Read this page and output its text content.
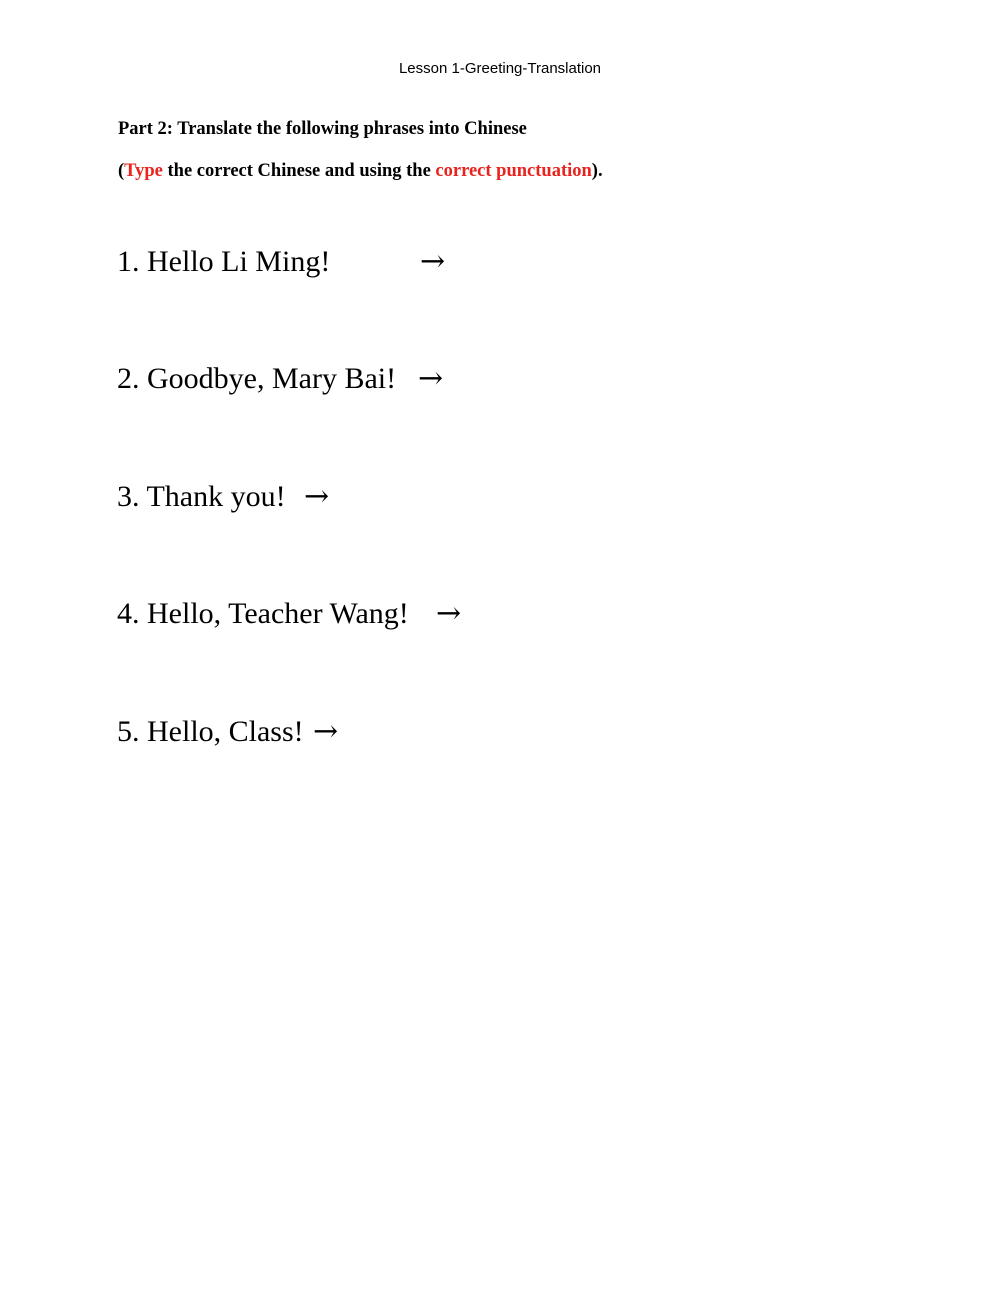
Lesson 1-Greeting-Translation
Part 2: Translate the following phrases into Chinese
(Type the correct Chinese and using the correct punctuation).
1. Hello Li Ming!	→
2. Goodbye, Mary Bai! →
3. Thank you! →
4. Hello, Teacher Wang! →
5. Hello, Class! →
